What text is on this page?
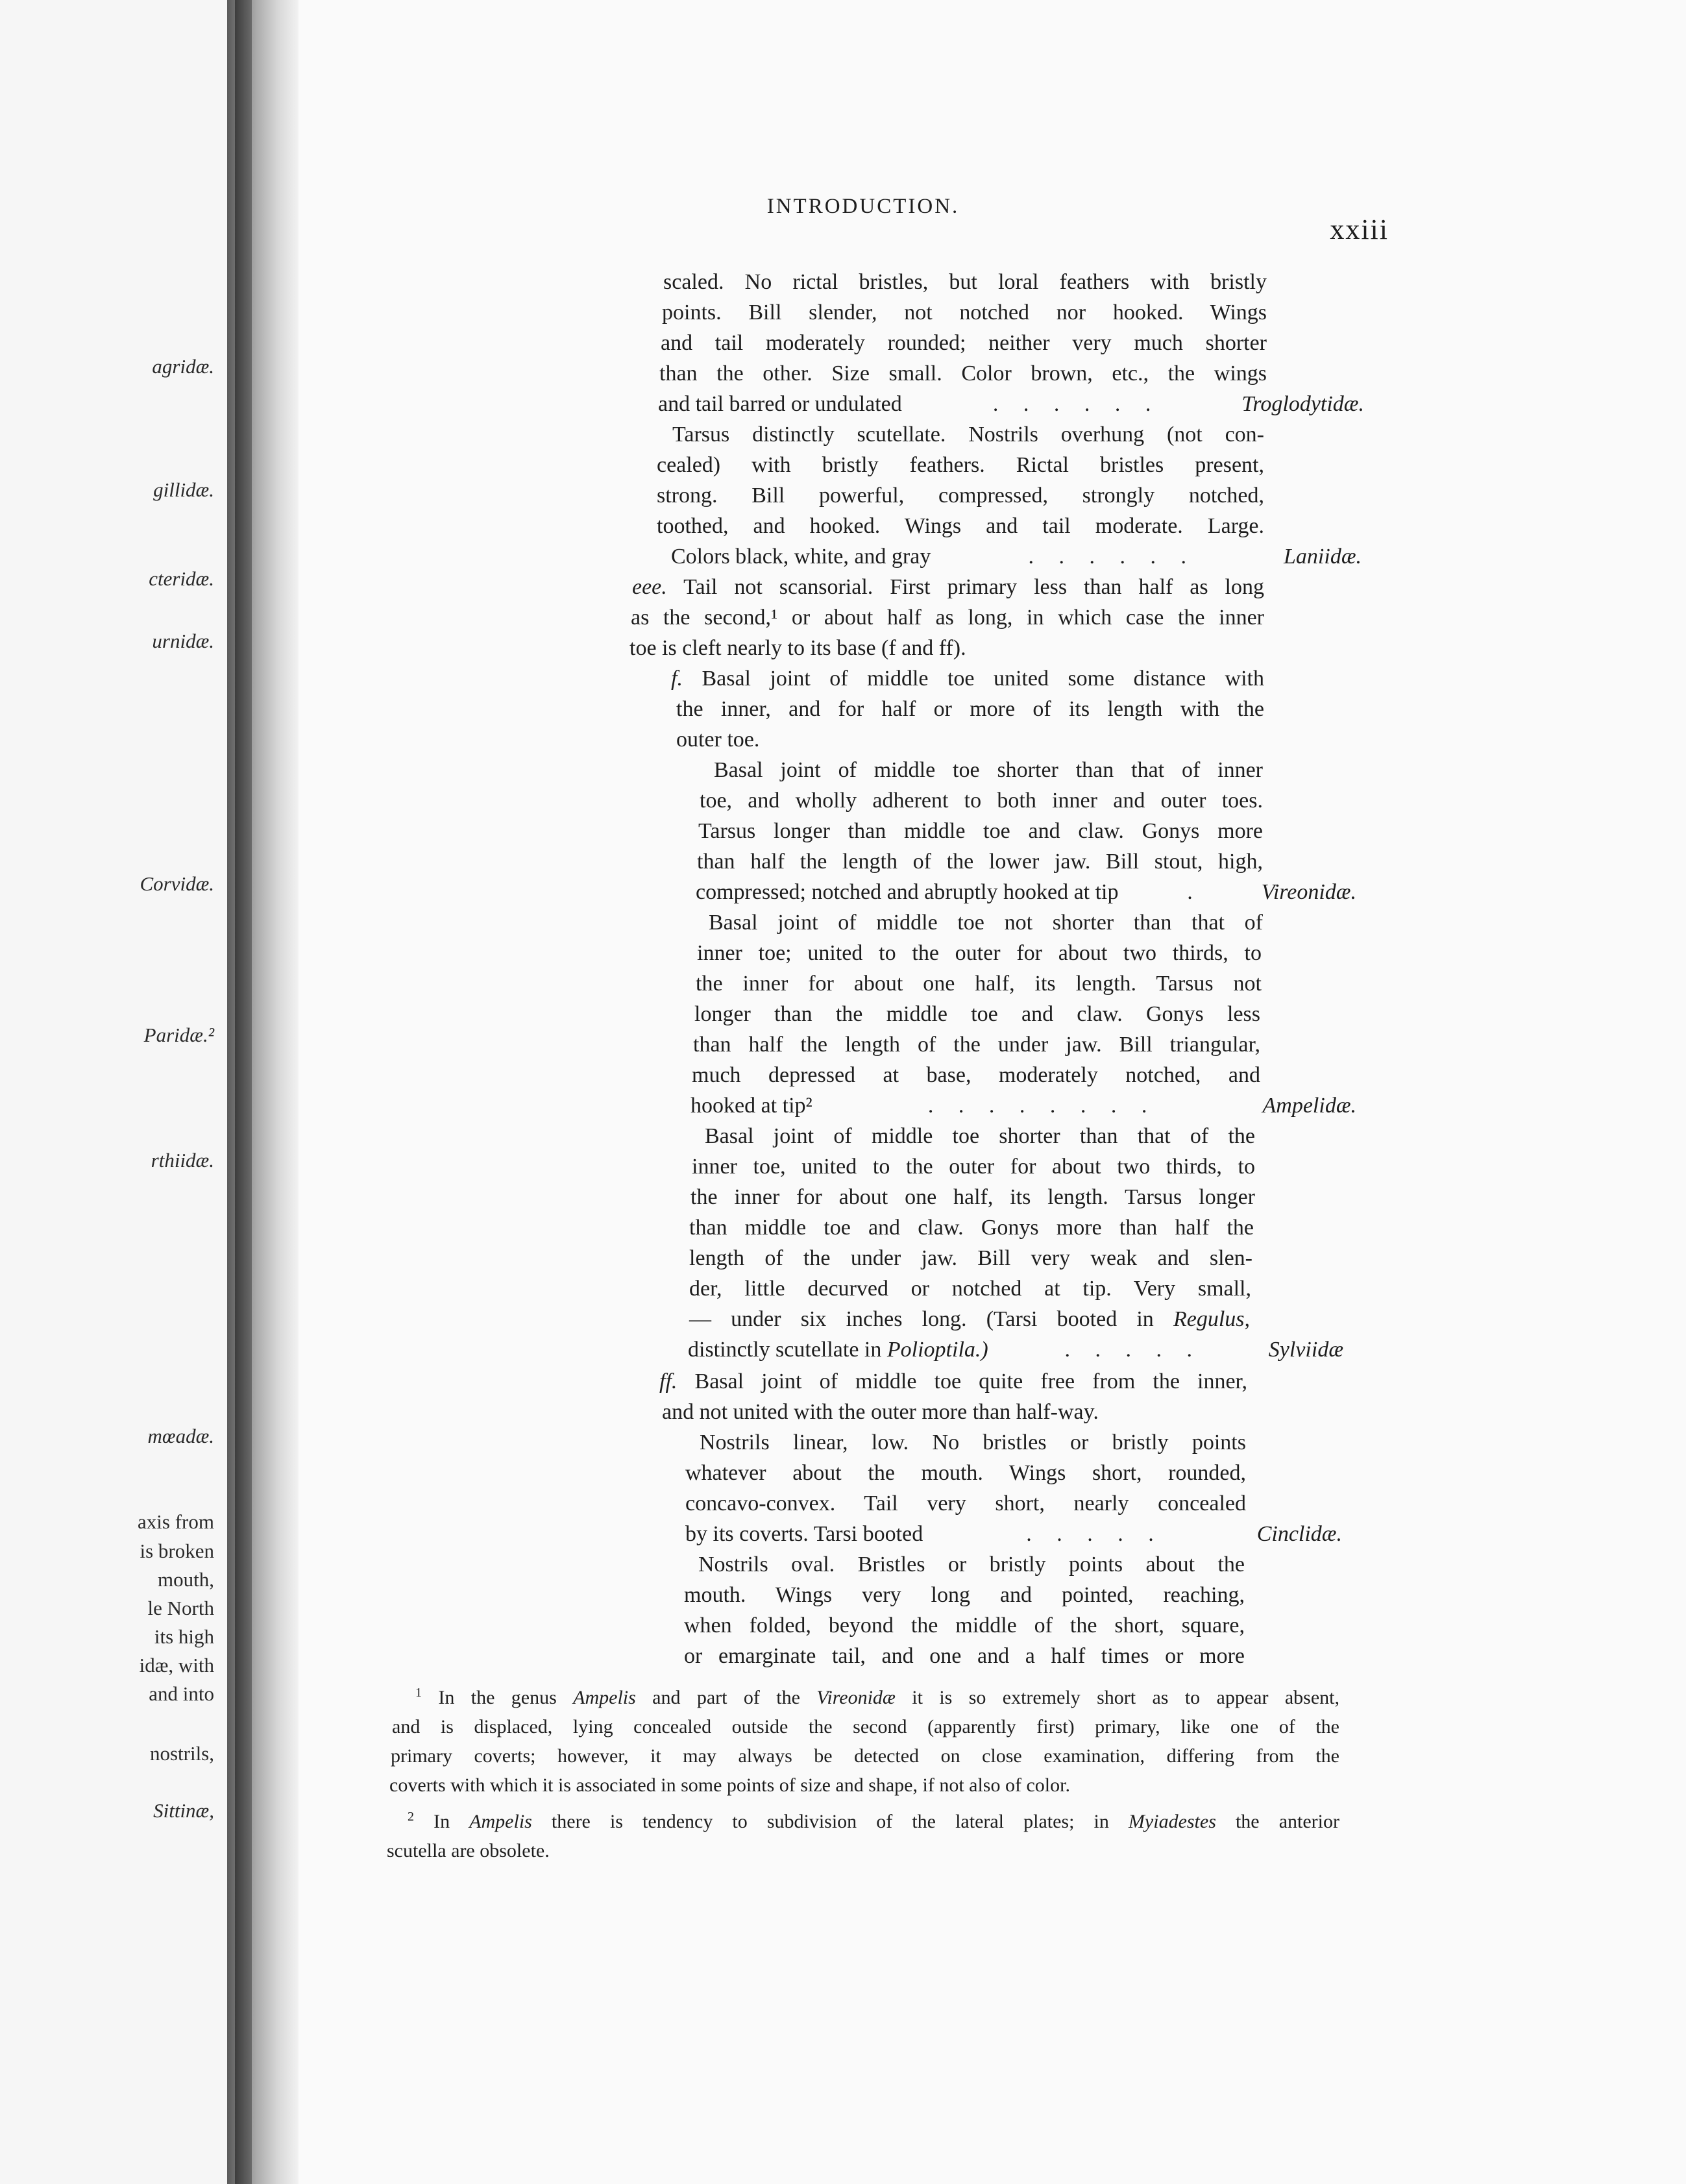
agridæ.
gillidæ.
cteridæ.
urnidæ.
Corvidæ.
Paridæ.²
rthiidæ.
mœadæ.
axis from
is broken
mouth,
le North
its high
idæ, with
and into
nostrils,
Sittinæ,
INTRODUCTION.
xxiii
scaled. No rictal bristles, but loral feathers with bristly
points. Bill slender, not notched nor hooked. Wings
and tail moderately rounded; neither very much shorter
than the other. Size small. Color brown, etc., the wings
and tail barred or undulated	. . . . . .	Troglodytidæ.
Tarsus distinctly scutellate. Nostrils overhung (not con-
cealed) with bristly feathers. Rictal bristles present,
strong. Bill powerful, compressed, strongly notched,
toothed, and hooked. Wings and tail moderate. Large.
Colors black, white, and gray	. . . . . .	Laniidæ.
eee. Tail not scansorial. First primary less than half as long
as the second,¹ or about half as long, in which case the inner
toe is cleft nearly to its base (f and ff).
f. Basal joint of middle toe united some distance with
the inner, and for half or more of its length with the
outer toe.
Basal joint of middle toe shorter than that of inner
toe, and wholly adherent to both inner and outer toes.
Tarsus longer than middle toe and claw. Gonys more
than half the length of the lower jaw. Bill stout, high,
compressed; notched and abruptly hooked at tip	.	Vireonidæ.
Basal joint of middle toe not shorter than that of
inner toe; united to the outer for about two thirds, to
the inner for about one half, its length. Tarsus not
longer than the middle toe and claw. Gonys less
than half the length of the under jaw. Bill triangular,
much depressed at base, moderately notched, and
hooked at tip²	. . . . . . . .	Ampelidæ.
Basal joint of middle toe shorter than that of the
inner toe, united to the outer for about two thirds, to
the inner for about one half, its length. Tarsus longer
than middle toe and claw. Gonys more than half the
length of the under jaw. Bill very weak and slen-
der, little decurved or notched at tip. Very small,
— under six inches long. (Tarsi booted in Regulus,
distinctly scutellate in Polioptila.)	. . . . .	Sylviidæ
ff. Basal joint of middle toe quite free from the inner,
and not united with the outer more than half-way.
Nostrils linear, low. No bristles or bristly points
whatever about the mouth. Wings short, rounded,
concavo-convex. Tail very short, nearly concealed
by its coverts. Tarsi booted	. . . . .	Cinclidæ.
Nostrils oval. Bristles or bristly points about the
mouth. Wings very long and pointed, reaching,
when folded, beyond the middle of the short, square,
or emarginate tail, and one and a half times or more
$^1$ In the genus Ampelis and part of the Vireonidæ it is so extremely short as to appear absent,
and is displaced, lying concealed outside the second (apparently first) primary, like one of the
primary coverts; however, it may always be detected on close examination, differing from the
coverts with which it is associated in some points of size and shape, if not also of color.
$^2$ In Ampelis there is tendency to subdivision of the lateral plates; in Myiadestes the anterior
scutella are obsolete.
